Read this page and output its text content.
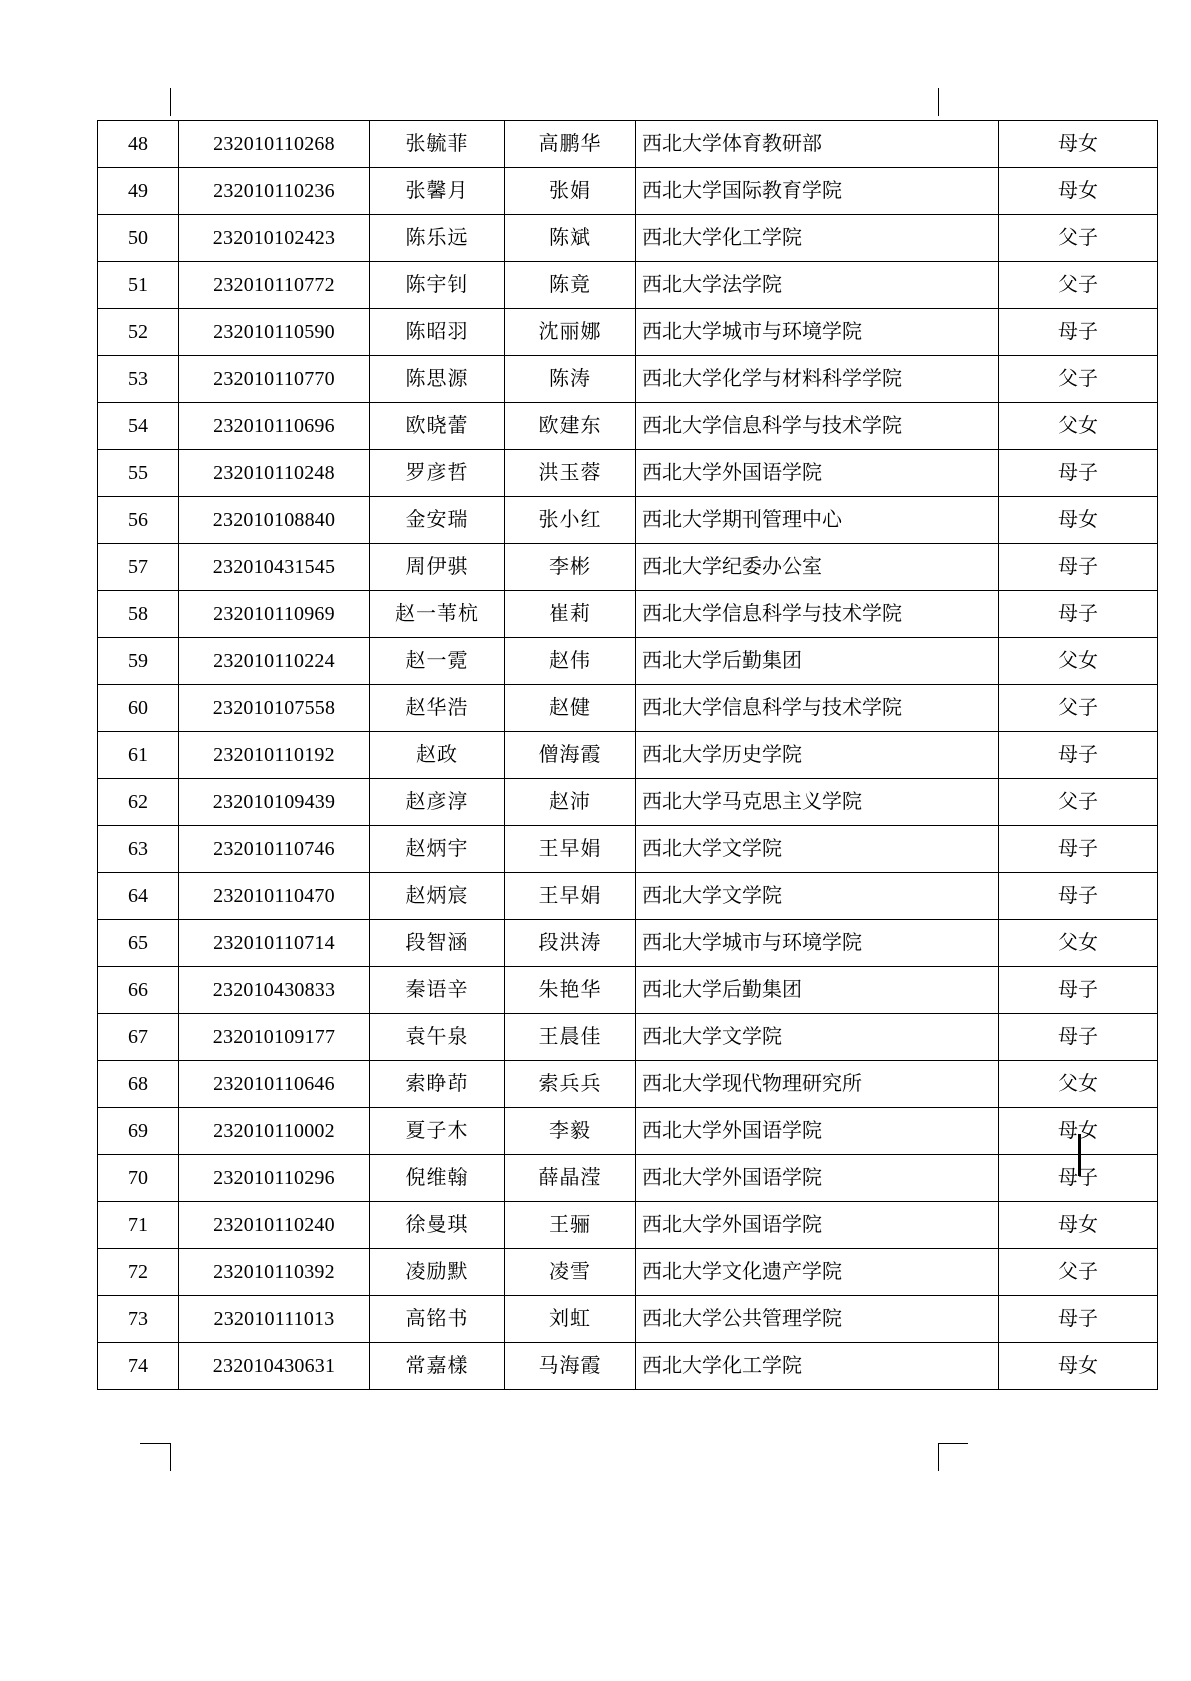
48	232010110268	张毓菲	高鹏华	西北大学体育教研部	母女
49	232010110236	张馨月	张娟	西北大学国际教育学院	母女
50	232010102423	陈乐远	陈斌	西北大学化工学院	父子
51	232010110772	陈宇钊	陈竟	西北大学法学院	父子
52	232010110590	陈昭羽	沈丽娜	西北大学城市与环境学院	母子
53	232010110770	陈思源	陈涛	西北大学化学与材料科学学院	父子
54	232010110696	欧晓蕾	欧建东	西北大学信息科学与技术学院	父女
55	232010110248	罗彦哲	洪玉蓉	西北大学外国语学院	母子
56	232010108840	金安瑞	张小红	西北大学期刊管理中心	母女
57	232010431545	周伊骐	李彬	西北大学纪委办公室	母子
58	232010110969	赵一苇杭	崔莉	西北大学信息科学与技术学院	母子
59	232010110224	赵一霓	赵伟	西北大学后勤集团	父女
60	232010107558	赵华浩	赵健	西北大学信息科学与技术学院	父子
61	232010110192	赵政	僧海霞	西北大学历史学院	母子
62	232010109439	赵彦淳	赵沛	西北大学马克思主义学院	父子
63	232010110746	赵炳宇	王早娟	西北大学文学院	母子
64	232010110470	赵炳宸	王早娟	西北大学文学院	母子
65	232010110714	段智涵	段洪涛	西北大学城市与环境学院	父女
66	232010430833	秦语辛	朱艳华	西北大学后勤集团	母子
67	232010109177	袁午泉	王晨佳	西北大学文学院	母子
68	232010110646	索睁茚	索兵兵	西北大学现代物理研究所	父女
69	232010110002	夏子木	李毅	西北大学外国语学院	母女
70	232010110296	倪维翰	薛晶滢	西北大学外国语学院	母子
71	232010110240	徐曼琪	王骊	西北大学外国语学院	母女
72	232010110392	凌励默	凌雪	西北大学文化遗产学院	父子
73	232010111013	高铭书	刘虹	西北大学公共管理学院	母子
74	232010430631	常嘉樣	马海霞	西北大学化工学院	母女
